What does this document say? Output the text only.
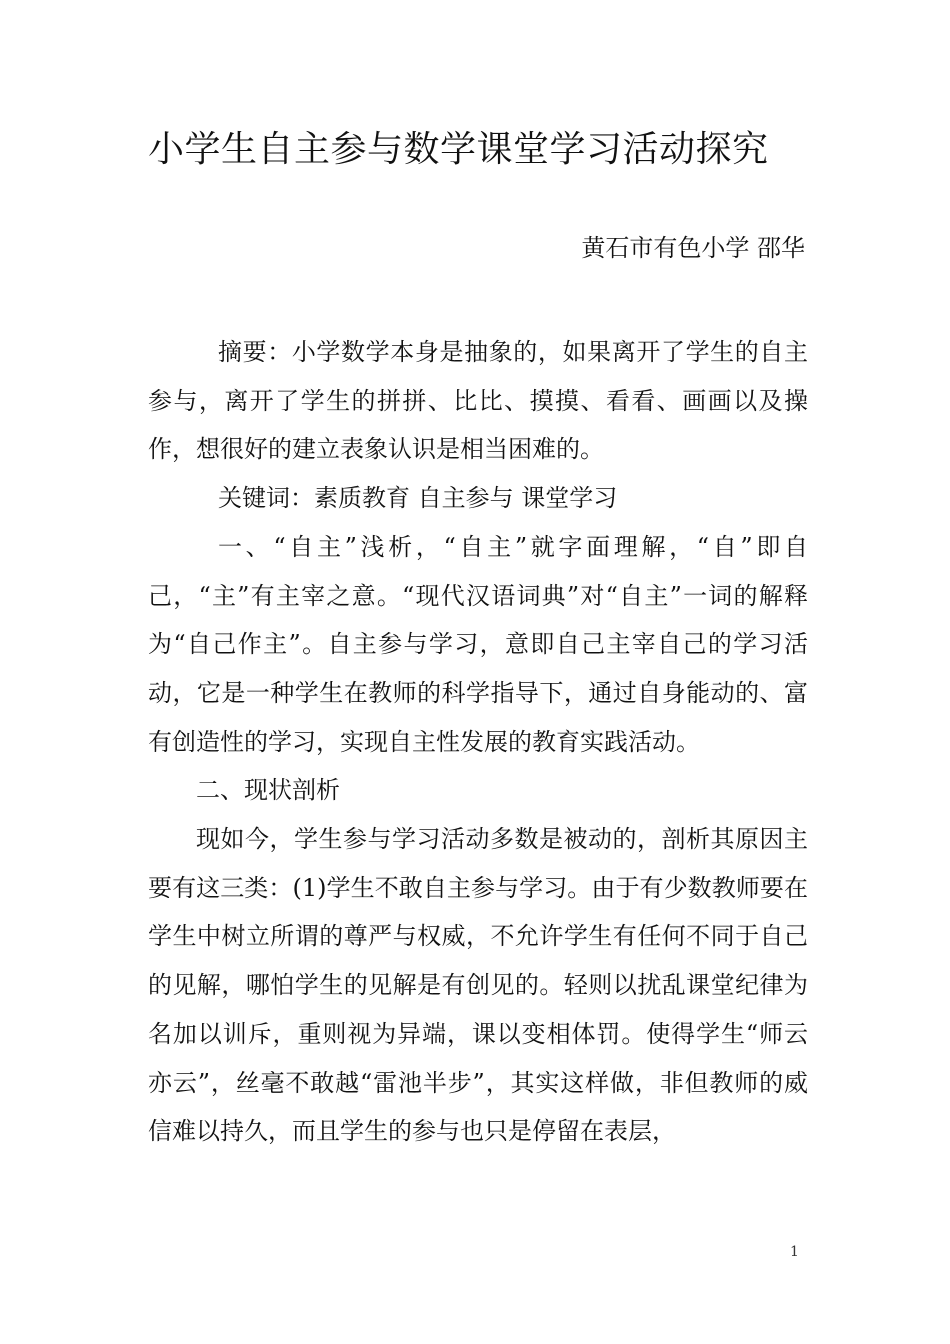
小学生自主参与数学课堂学习活动探究
黄石市有色小学 邵华

摘要：小学数学本身是抽象的，如果离开了学生的自主参与，离开了学生的拼拼、比比、摸摸、看看、画画以及操作，想很好的建立表象认识是相当困难的。

关键词：素质教育 自主参与 课堂学习

一、“自主”浅析，“自主”就字面理解，“自”即自己，“主”有主宰之意。“现代汉语词典”对“自主”一词的解释为“自己作主”。自主参与学习，意即自己主宰自己的学习活动，它是一种学生在教师的科学指导下，通过自身能动的、富有创造性的学习，实现自主性发展的教育实践活动。

二、现状剖析

现如今，学生参与学习活动多数是被动的，剖析其原因主要有这三类：(1)学生不敢自主参与学习。由于有少数教师要在学生中树立所谓的尊严与权威，不允许学生有任何不同于自己的见解，哪怕学生的见解是有创见的。轻则以扰乱课堂纪律为名加以训斥，重则视为异端，课以变相体罚。使得学生“师云亦云”，丝毫不敢越“雷池半步”，其实这样做，非但教师的威信难以持久，而且学生的参与也只是停留在表层，

1
